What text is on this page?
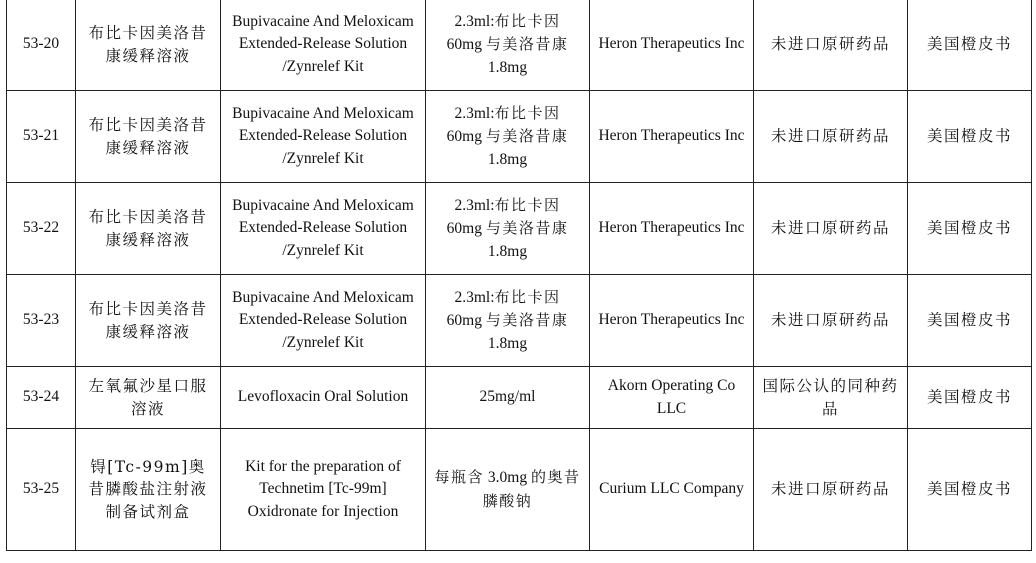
53-20	布比卡因美洛昔康缓释溶液	Bupivacaine And Meloxicam Extended-Release Solution /Zynrelef Kit	2.3ml:布比卡因
60mg 与美洛昔康
1.8mg	Heron Therapeutics Inc	未进口原研药品	美国橙皮书
53-21	布比卡因美洛昔康缓释溶液	Bupivacaine And Meloxicam Extended-Release Solution /Zynrelef Kit	2.3ml:布比卡因
60mg 与美洛昔康
1.8mg	Heron Therapeutics Inc	未进口原研药品	美国橙皮书
53-22	布比卡因美洛昔康缓释溶液	Bupivacaine And Meloxicam Extended-Release Solution /Zynrelef Kit	2.3ml:布比卡因
60mg 与美洛昔康
1.8mg	Heron Therapeutics Inc	未进口原研药品	美国橙皮书
53-23	布比卡因美洛昔康缓释溶液	Bupivacaine And Meloxicam Extended-Release Solution /Zynrelef Kit	2.3ml:布比卡因
60mg 与美洛昔康
1.8mg	Heron Therapeutics Inc	未进口原研药品	美国橙皮书
53-24	左氧氟沙星口服溶液	Levofloxacin Oral Solution	25mg/ml	Akorn Operating Co LLC	国际公认的同种药品	美国橙皮书
53-25	锝[Tc-99m]奥昔膦酸盐注射液制备试剂盒	Kit for the preparation of Technetim [Tc-99m] Oxidronate for Injection	每瓶含 3.0mg 的奥昔膦酸钠	Curium LLC Company	未进口原研药品	美国橙皮书
